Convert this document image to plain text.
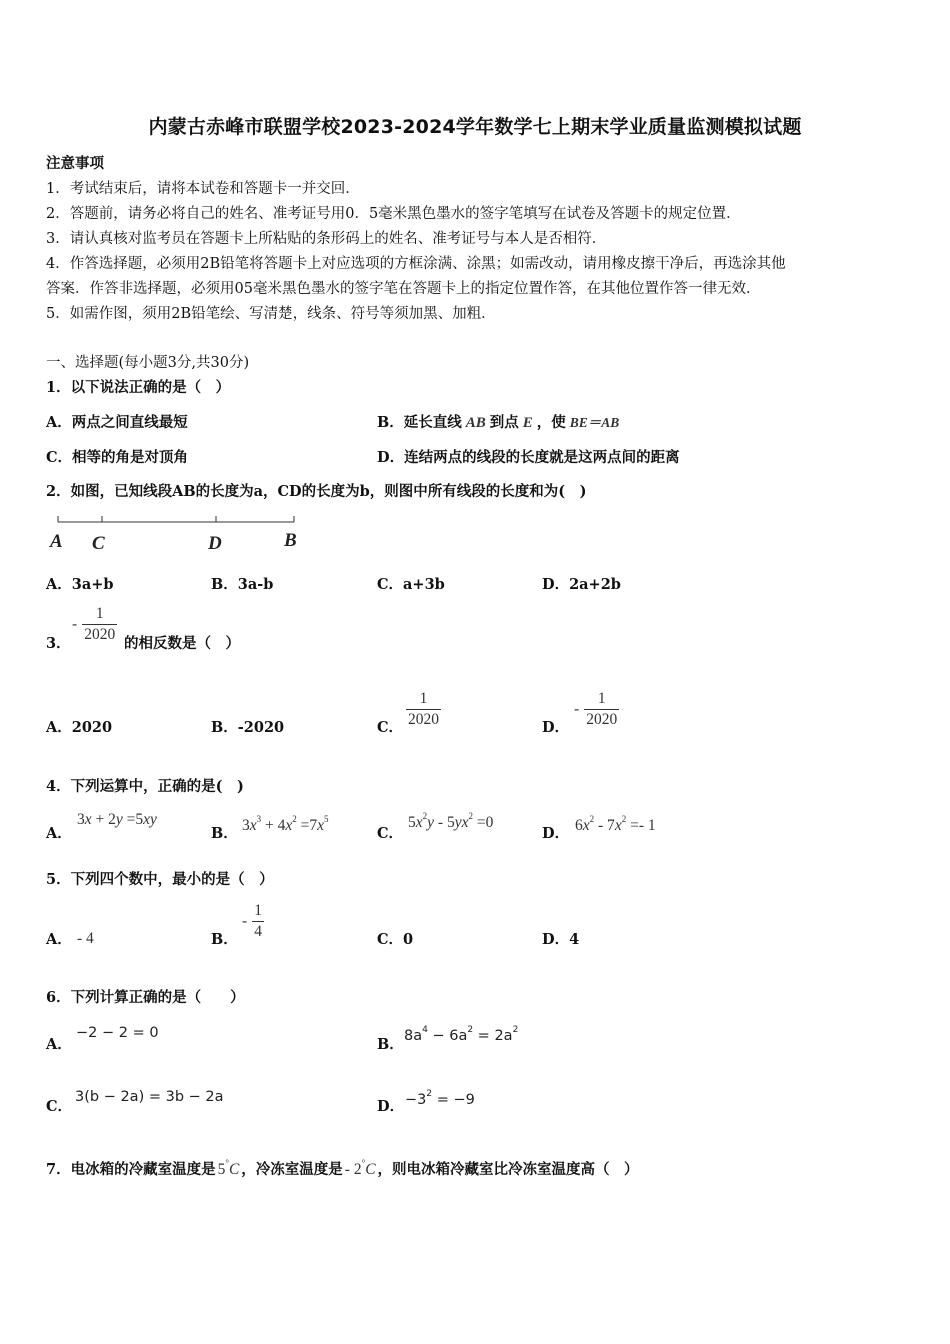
内蒙古赤峰市联盟学校2023-2024学年数学七上期末学业质量监测模拟试题
注意事项
1．考试结束后，请将本试卷和答题卡一并交回．
2．答题前，请务必将自己的姓名、准考证号用0．5毫米黑色墨水的签字笔填写在试卷及答题卡的规定位置．
3．请认真核对监考员在答题卡上所粘贴的条形码上的姓名、准考证号与本人是否相符．
4．作答选择题，必须用2B铅笔将答题卡上对应选项的方框涂满、涂黑；如需改动，请用橡皮擦干净后，再选涂其他
答案．作答非选择题，必须用05毫米黑色墨水的签字笔在答题卡上的指定位置作答，在其他位置作答一律无效．
5．如需作图，须用2B铅笔绘、写清楚，线条、符号等须加黑、加粗．
一、选择题(每小题3分,共30分)
1．以下说法正确的是（　）
A．两点之间直线最短	B．延长直线 AB 到点 E ，使 BE＝AB
C．相等的角是对顶角	D．连结两点的线段的长度就是这两点间的距离
2．如图，已知线段AB的长度为a，CD的长度为b，则图中所有线段的长度和为(　)
A C	D	B
A．3a+b	B．3a-b	C．a+3b	D．2a+2b
3．
- $\frac{1}{2020}$ 的相反数是（　）
A．2020	B．-2020	C． $\frac{1}{2020}$	D．
- $\frac{1}{2020}$
4．下列运算中，正确的是(　)
A．
3x + 2y =5xy
B． $3x^3 + 4x^2 =7x^5$
C．
$5x^2y - 5yx^2 =0$
D． $6x^2 - 7x^2 =- 1$
5．下列四个数中，最小的是（　）
A． - 4	B．
- $\frac{1}{4}$	C．0	D．4
6．下列计算正确的是（　　）
A．
−2 − 2 = 0
B． $8a^4 - 6a^2 = 2a^2$
C．
3(b − 2a) = 3b − 2a
D． $-3^2 = -9$
7．电冰箱的冷藏室温度是 5°C ，冷冻室温度是 - 2°C ，则电冰箱冷藏室比冷冻室温度高（　）
